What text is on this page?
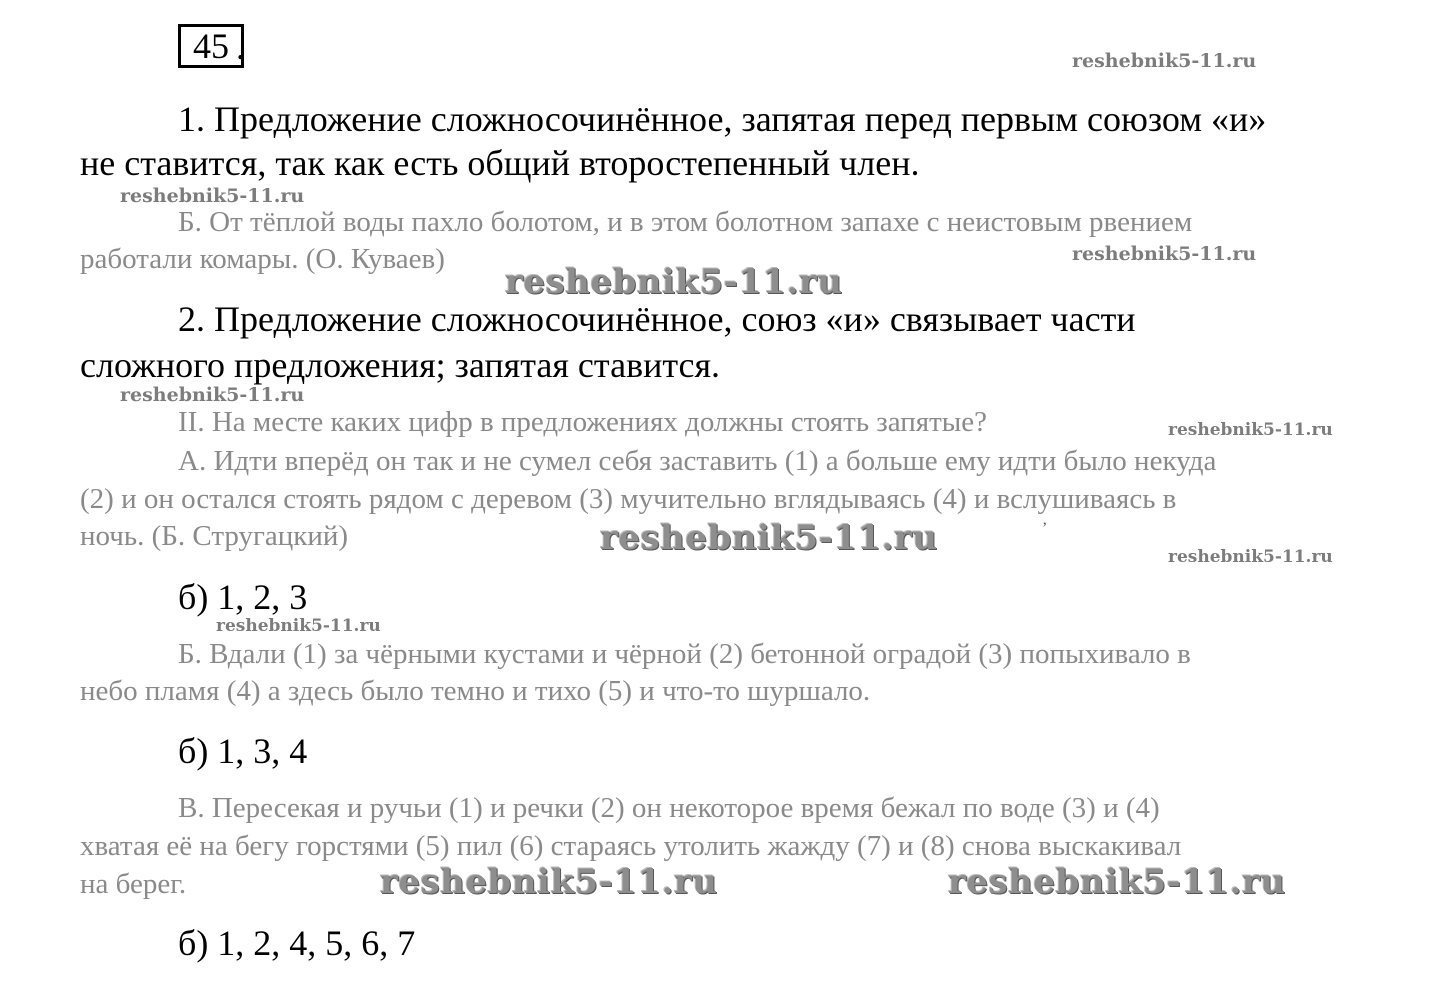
45 .
1. Предложение сложносочинённое, запятая перед первым союзом «и»
не ставится, так как есть общий второстепенный член.
Б. От тёплой воды пахло болотом, и в этом болотном запахе с неистовым рвением
работали комары. (О. Куваев)
2. Предложение сложносочинённое, союз «и» связывает части
сложного предложения; запятая ставится.
II. На месте каких цифр в предложениях должны стоять запятые?
А. Идти вперёд он так и не сумел себя заставить (1) а больше ему идти было некуда
(2) и он остался стоять рядом с деревом (3) мучительно вглядываясь (4) и вслушиваясь в
ночь. (Б. Стругацкий)
б) 1, 2, 3
Б. Вдали (1) за чёрными кустами и чёрной (2) бетонной оградой (3) попыхивало в
небо пламя (4) а здесь было темно и тихо (5) и что-то шуршало.
б) 1, 3, 4
В. Пересекая и ручьи (1) и речки (2) он некоторое время бежал по воде (3) и (4)
хватая её на бегу горстями (5) пил (6) стараясь утолить жажду (7) и (8) снова выскакивал
на берег.
б) 1, 2, 4, 5, 6, 7
reshebnik5-11.ru
reshebnik5-11.ru
reshebnik5-11.ru
reshebnik5-11.ru
reshebnik5-11.ru
reshebnik5-11.ru
reshebnik5-11.ru	reshebnik5-11.ru
reshebnik5-11.ru
reshebnik5-11.ru	reshebnik5-11.ru
’
